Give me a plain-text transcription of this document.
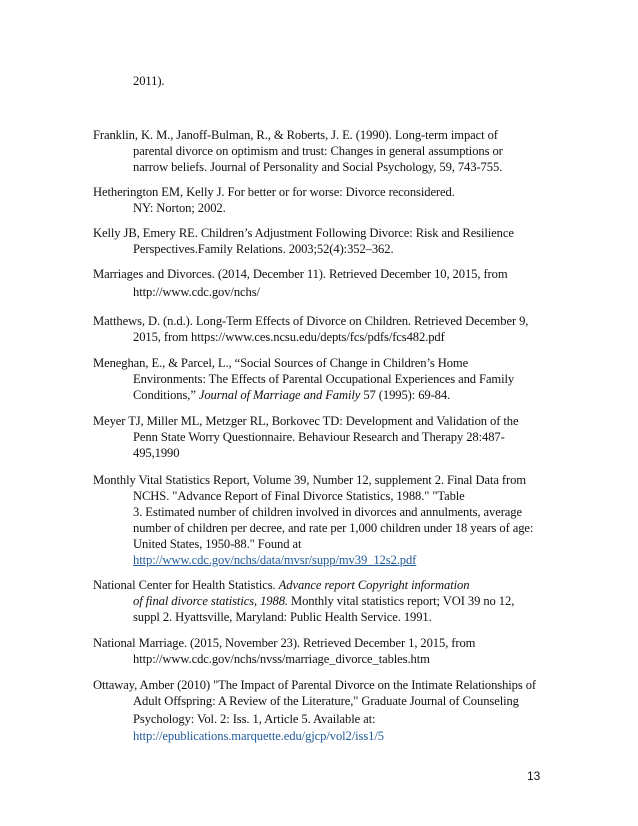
2011).
Franklin, K. M., Janoff-Bulman, R., & Roberts, J. E. (1990). Long-term impact of
parental divorce on optimism and trust: Changes in general assumptions or
narrow beliefs. Journal of Personality and Social Psychology, 59, 743-755.
Hetherington EM, Kelly J. For better or for worse: Divorce reconsidered.
NY: Norton; 2002.
Kelly JB, Emery RE. Children’s Adjustment Following Divorce: Risk and Resilience
Perspectives.Family Relations. 2003;52(4):352–362.
Marriages and Divorces. (2014, December 11). Retrieved December 10, 2015, from
http://www.cdc.gov/nchs/
Matthews, D. (n.d.). Long-Term Effects of Divorce on Children. Retrieved December 9,
2015, from https://www.ces.ncsu.edu/depts/fcs/pdfs/fcs482.pdf
Meneghan, E., & Parcel, L., “Social Sources of Change in Children’s Home
Environments: The Effects of Parental Occupational Experiences and Family
Conditions,” Journal of Marriage and Family 57 (1995): 69-84.
Meyer TJ, Miller ML, Metzger RL, Borkovec TD: Development and Validation of the
Penn State Worry Questionnaire. Behaviour Research and Therapy 28:487-
495,1990
Monthly Vital Statistics Report, Volume 39, Number 12, supplement 2. Final Data from
NCHS. "Advance Report of Final Divorce Statistics, 1988." "Table
3. Estimated number of children involved in divorces and annulments, average
number of children per decree, and rate per 1,000 children under 18 years of age:
United States, 1950-88." Found at
http://www.cdc.gov/nchs/data/mvsr/supp/mv39_12s2.pdf
National Center for Health Statistics. Advance report Copyright information
of final divorce statistics, 1988. Monthly vital statistics report; VOI 39 no 12,
suppl 2. Hyattsville, Maryland: Public Health Service. 1991.
National Marriage. (2015, November 23). Retrieved December 1, 2015, from
http://www.cdc.gov/nchs/nvss/marriage_divorce_tables.htm
Ottaway, Amber (2010) "The Impact of Parental Divorce on the Intimate Relationships of
Adult Offspring: A Review of the Literature," Graduate Journal of Counseling
Psychology: Vol. 2: Iss. 1, Article 5. Available at:
http://epublications.marquette.edu/gjcp/vol2/iss1/5
13
